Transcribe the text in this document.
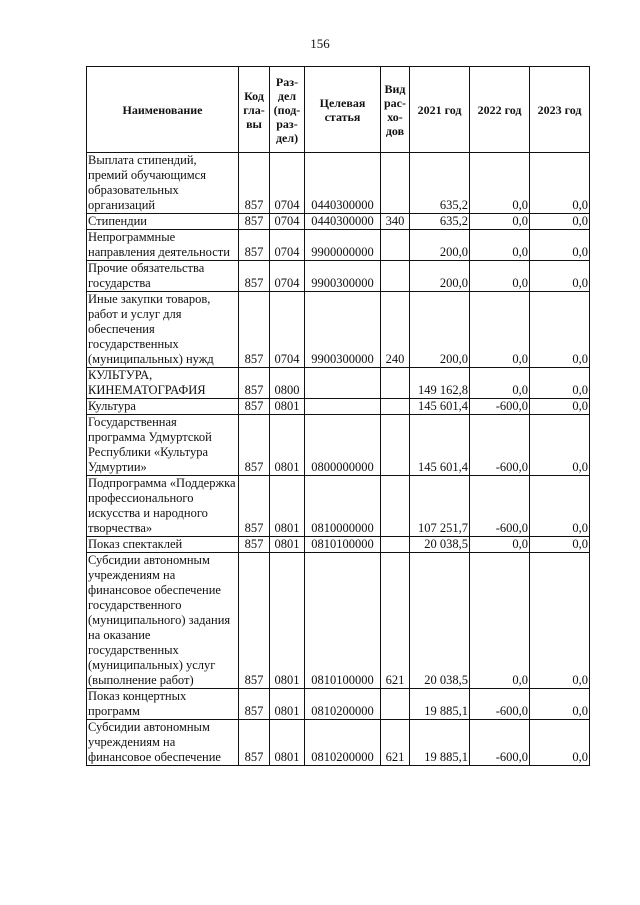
156
Наименование	Код гла- вы	Раз- дел (под- раз- дел)	Целевая статья	Вид рас- хо- дов	2021 год	2022 год	2023 год
Выплата стипендий, премий обучающимся образовательных организаций	857	0704	0440300000		635,2	0,0	0,0
Стипендии	857	0704	0440300000	340	635,2	0,0	0,0
Непрограммные направления деятельности	857	0704	9900000000		200,0	0,0	0,0
Прочие обязательства государства	857	0704	9900300000		200,0	0,0	0,0
Иные закупки товаров, работ и услуг для обеспечения государственных (муниципальных) нужд	857	0704	9900300000	240	200,0	0,0	0,0
КУЛЬТУРА, КИНЕМАТОГРАФИЯ	857	0800			149 162,8	0,0	0,0
Культура	857	0801			145 601,4	-600,0	0,0
Государственная программа Удмуртской Республики «Культура Удмуртии»	857	0801	0800000000		145 601,4	-600,0	0,0
Подпрограмма «Поддержка профессионального искусства и народного творчества»	857	0801	0810000000		107 251,7	-600,0	0,0
Показ спектаклей	857	0801	0810100000		20 038,5	0,0	0,0
Субсидии автономным учреждениям на финансовое обеспечение государственного (муниципального) задания на оказание государственных (муниципальных) услуг (выполнение работ)	857	0801	0810100000	621	20 038,5	0,0	0,0
Показ концертных программ	857	0801	0810200000		19 885,1	-600,0	0,0
Субсидии автономным учреждениям на финансовое обеспечение	857	0801	0810200000	621	19 885,1	-600,0	0,0
